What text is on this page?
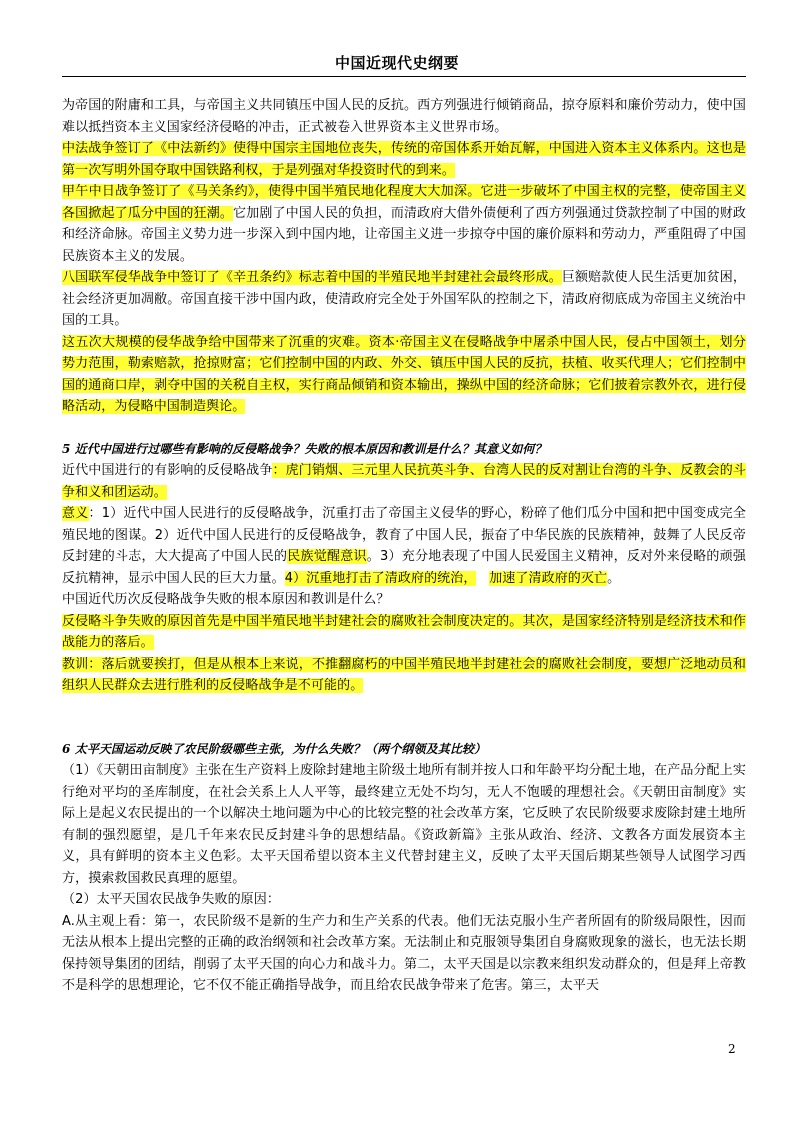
中国近现代史纲要

为帝国的附庸和工具，与帝国主义共同镇压中国人民的反抗。西方列强进行倾销商品，掠夺原料和廉价劳动力，使中国难以抵挡资本主义国家经济侵略的冲击，正式被卷入世界资本主义世界市场。

中法战争签订了《中法新约》使得中国宗主国地位丧失，传统的帝国体系开始瓦解，中国进入资本主义体系内。这也是第一次写明外国夺取中国铁路利权，于是列强对华投资时代的到来。

甲午中日战争签订了《马关条约》，使得中国半殖民地化程度大大加深。它进一步破坏了中国主权的完整，使帝国主义各国掀起了瓜分中国的狂潮。它加剧了中国人民的负担，而清政府大借外债便利了西方列强通过贷款控制了中国的财政和经济命脉。帝国主义势力进一步深入到中国内地，让帝国主义进一步掠夺中国的廉价原料和劳动力，严重阻碍了中国民族资本主义的发展。

八国联军侵华战争中签订了《辛丑条约》标志着中国的半殖民地半封建社会最终形成。巨额赔款使人民生活更加贫困，社会经济更加凋敝。帝国直接干涉中国内政，使清政府完全处于外国军队的控制之下，清政府彻底成为帝国主义统治中国的工具。

这五次大规模的侵华战争给中国带来了沉重的灾难。资本·帝国主义在侵略战争中屠杀中国人民，侵占中国领土，划分势力范围，勒索赔款，抢掠财富；它们控制中国的内政、外交、镇压中国人民的反抗，扶植、收买代理人；它们控制中国的通商口岸，剥夺中国的关税自主权，实行商品倾销和资本输出，操纵中国的经济命脉；它们披着宗教外衣，进行侵略活动，为侵略中国制造舆论。

5 近代中国进行过哪些有影响的反侵略战争？失败的根本原因和教训是什么？其意义如何？

近代中国进行的有影响的反侵略战争：虎门销烟、三元里人民抗英斗争、台湾人民的反对割让台湾的斗争、反教会的斗争和义和团运动。

意义：1）近代中国人民进行的反侵略战争，沉重打击了帝国主义侵华的野心，粉碎了他们瓜分中国和把中国变成完全殖民地的图谋。2）近代中国人民进行的反侵略战争，教育了中国人民，振奋了中华民族的民族精神，鼓舞了人民反帝反封建的斗志，大大提高了中国人民的民族觉醒意识。3）充分地表现了中国人民爱国主义精神，反对外来侵略的顽强反抗精神，显示中国人民的巨大力量。4）沉重地打击了清政府的统治， 加速了清政府的灭亡。

中国近代历次反侵略战争失败的根本原因和教训是什么？

反侵略斗争失败的原因首先是中国半殖民地半封建社会的腐败社会制度决定的。其次，是国家经济特别是经济技术和作战能力的落后。

教训：落后就要挨打，但是从根本上来说，不推翻腐朽的中国半殖民地半封建社会的腐败社会制度，要想广泛地动员和组织人民群众去进行胜利的反侵略战争是不可能的。

6 太平天国运动反映了农民阶级哪些主张，为什么失败？（两个纲领及其比较）

（1）《天朝田亩制度》主张在生产资料上废除封建地主阶级土地所有制并按人口和年龄平均分配土地，在产品分配上实行绝对平均的圣库制度，在社会关系上人人平等，最终建立无处不均匀，无人不饱暖的理想社会。《天朝田亩制度》实际上是起义农民提出的一个以解决土地问题为中心的比较完整的社会改革方案，它反映了农民阶级要求废除封建土地所有制的强烈愿望，是几千年来农民反封建斗争的思想结晶。《资政新篇》主张从政治、经济、文教各方面发展资本主义，具有鲜明的资本主义色彩。太平天国希望以资本主义代替封建主义，反映了太平天国后期某些领导人试图学习西方，摸索救国救民真理的愿望。

（2）太平天国农民战争失败的原因：

A.从主观上看：第一，农民阶级不是新的生产力和生产关系的代表。他们无法克服小生产者所固有的阶级局限性，因而无法从根本上提出完整的正确的政治纲领和社会改革方案。无法制止和克服领导集团自身腐败现象的滋长，也无法长期保持领导集团的团结，削弱了太平天国的向心力和战斗力。第二，太平天国是以宗教来组织发动群众的，但是拜上帝教不是科学的思想理论，它不仅不能正确指导战争，而且给农民战争带来了危害。第三，太平天

2
